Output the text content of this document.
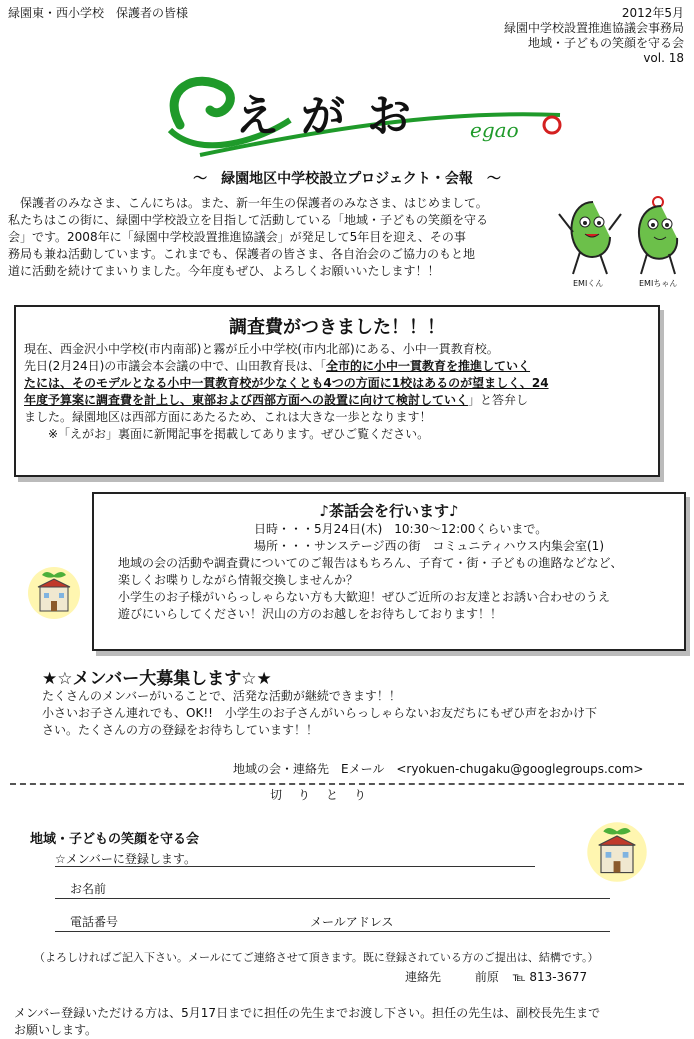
緑園東・西小学校　保護者の皆様	2012年5月
緑園中学校設置推進協議会事務局
地域・子どもの笑顔を守る会
vol. 18
えがお egao
～　緑園地区中学校設立プロジェクト・会報　～
　保護者のみなさま、こんにちは。また、新一年生の保護者のみなさま、はじめまして。
私たちはこの街に、緑園中学校設立を目指して活動している「地域・子どもの笑顔を守る
会」です。2008年に「緑園中学校設置推進協議会」が発足して5年目を迎え、その事
務局も兼ね活動しています。これまでも、保護者の皆さま、各自治会のご協力のもと地
道に活動を続けてまいりました。今年度もぜひ、よろしくお願いいたします！！
EMIくん	EMIちゃん
調査費がつきました！！！
現在、西金沢小中学校(市内南部)と霧が丘小中学校(市内北部)にある、小中一貫教育校。
先日(2月24日)の市議会本会議の中で、山田教育長は、「全市的に小中一貫教育を推進していく
たには、そのモデルとなる小中一貫教育校が少なくとも4つの方面に1校はあるのが望ましく、24
年度予算案に調査費を計上し、東部および西部方面への設置に向けて検討していく」と答弁し
ました。緑園地区は西部方面にあたるため、これは大きな一歩となります！
　　※「えがお」裏面に新聞記事を掲載してあります。ぜひご覧ください。
♪茶話会を行います♪
日時・・・5月24日(木)　10:30～12:00くらいまで。
場所・・・サンステージ西の街　コミュニティハウス内集会室(1)
地域の会の活動や調査費についてのご報告はもちろん、子育て・街・子どもの進路などなど、
楽しくお喋りしながら情報交換しませんか？
小学生のお子様がいらっしゃらない方も大歓迎！ぜひご近所のお友達とお誘い合わせのうえ
遊びにいらしてください！沢山の方のお越しをお待ちしております！！
★☆メンバー大募集します☆★
たくさんのメンバーがいることで、活発な活動が継続できます！！
小さいお子さん連れでも、OK!!　小学生のお子さんがいらっしゃらないお友だちにもぜひ声をおかけ下
さい。たくさんの方の登録をお待ちしています！！
地域の会・連絡先　Eメール　<ryokuen-chugaku@googlegroups.com>
切　り　と　り
地域・子どもの笑顔を守る会
☆メンバーに登録します。
お名前
電話番号	メールアドレス
（よろしければご記入下さい。メールにてご連絡させて頂きます。既に登録されている方のご提出は、結構です。）
連絡先	前原 ℡ 813-3677
メンバー登録いただける方は、5月17日までに担任の先生までお渡し下さい。担任の先生は、副校長先生まで
お願いします。
